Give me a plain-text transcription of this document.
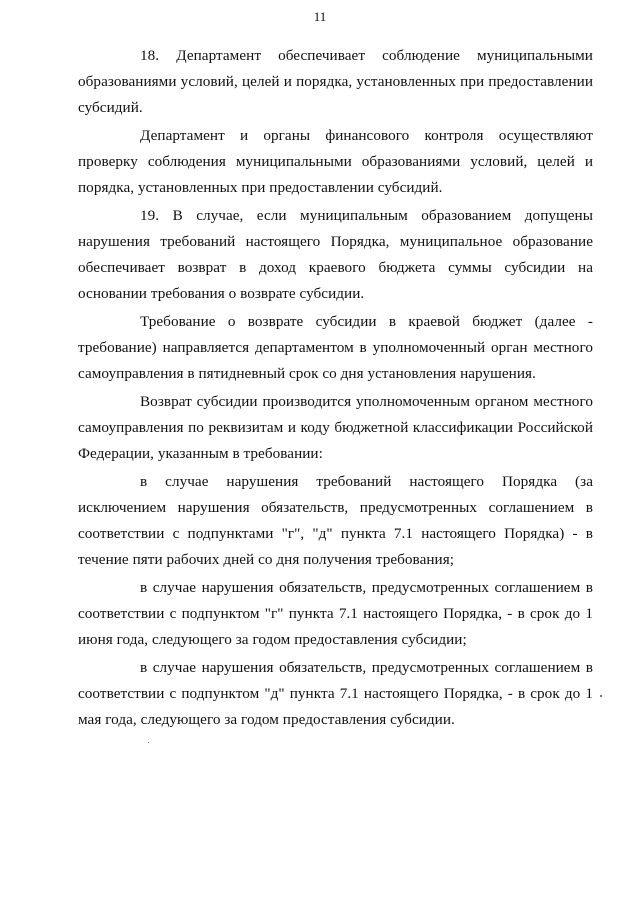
11

18. Департамент обеспечивает соблюдение муниципальными образованиями условий, целей и порядка, установленных при предоставлении субсидий.

Департамент и органы финансового контроля осуществляют проверку соблюдения муниципальными образованиями условий, целей и порядка, установленных при предоставлении субсидий.

19. В случае, если муниципальным образованием допущены нарушения требований настоящего Порядка, муниципальное образование обеспечивает возврат в доход краевого бюджета суммы субсидии на основании требования о возврате субсидии.

Требование о возврате субсидии в краевой бюджет (далее - требование) направляется департаментом в уполномоченный орган местного самоуправления в пятидневный срок со дня установления нарушения.

Возврат субсидии производится уполномоченным органом местного самоуправления по реквизитам и коду бюджетной классификации Российской Федерации, указанным в требовании:

в случае нарушения требований настоящего Порядка (за исключением нарушения обязательств, предусмотренных соглашением в соответствии с подпунктами "г", "д" пункта 7.1 настоящего Порядка) - в течение пяти рабочих дней со дня получения требования;

в случае нарушения обязательств, предусмотренных соглашением в соответствии с подпунктом "г" пункта 7.1 настоящего Порядка, - в срок до 1 июня года, следующего за годом предоставления субсидии;

в случае нарушения обязательств, предусмотренных соглашением в соответствии с подпунктом "д" пункта 7.1 настоящего Порядка, - в срок до 1 мая года, следующего за годом предоставления субсидии.
